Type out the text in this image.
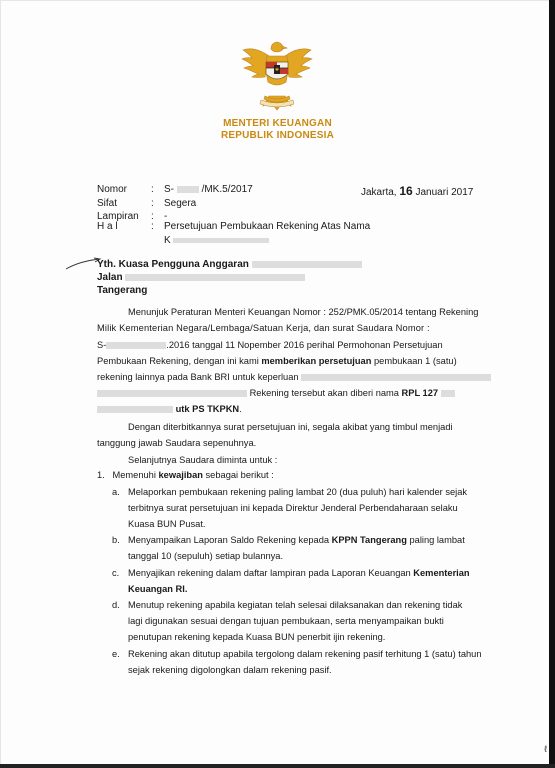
MENTERI KEUANGAN
REPUBLIK INDONESIA
Nomor : S-	/MK.5/2017
Sifat	: Segera
Lampiran : -
H a l	: Persetujuan Pembukaan Rekening Atas Nama
K
Jakarta, 16 Januari 2017
Yth. Kuasa Pengguna Anggaran
Jalan
Tangerang
Menunjuk Peraturan Menteri Keuangan Nomor : 252/PMK.05/2014 tentang Rekening
Milik Kementerian Negara/Lembaga/Satuan Kerja, dan surat Saudara Nomor :
S-	.2016 tanggal 11 Nopember 2016 perihal Permohonan Persetujuan
Pembukaan Rekening, dengan ini kami memberikan persetujuan pembukaan 1 (satu)
rekening lainnya pada Bank BRI untuk keperluan
Rekening tersebut akan diberi nama RPL 127
utk PS TKPKN.
Dengan diterbitkannya surat persetujuan ini, segala akibat yang timbul menjadi
tanggung jawab Saudara sepenuhnya.
Selanjutnya Saudara diminta untuk :
1. Memenuhi kewajiban sebagai berikut :
a. Melaporkan pembukaan rekening paling lambat 20 (dua puluh) hari kalender sejak
terbitnya surat persetujuan ini kepada Direktur Jenderal Perbendaharaan selaku
Kuasa BUN Pusat.
b. Menyampaikan Laporan Saldo Rekening kepada KPPN Tangerang paling lambat
tanggal 10 (sepuluh) setiap bulannya.
c. Menyajikan rekening dalam daftar lampiran pada Laporan Keuangan Kementerian
Keuangan RI.
d. Menutup rekening apabila kegiatan telah selesai dilaksanakan dan rekening tidak
lagi digunakan sesuai dengan tujuan pembukaan, serta menyampaikan bukti
penutupan rekening kepada Kuasa BUN penerbit ijin rekening.
e. Rekening akan ditutup apabila tergolong dalam rekening pasif terhitung 1 (satu) tahun
sejak rekening digolongkan dalam rekening pasif.
ℓ
